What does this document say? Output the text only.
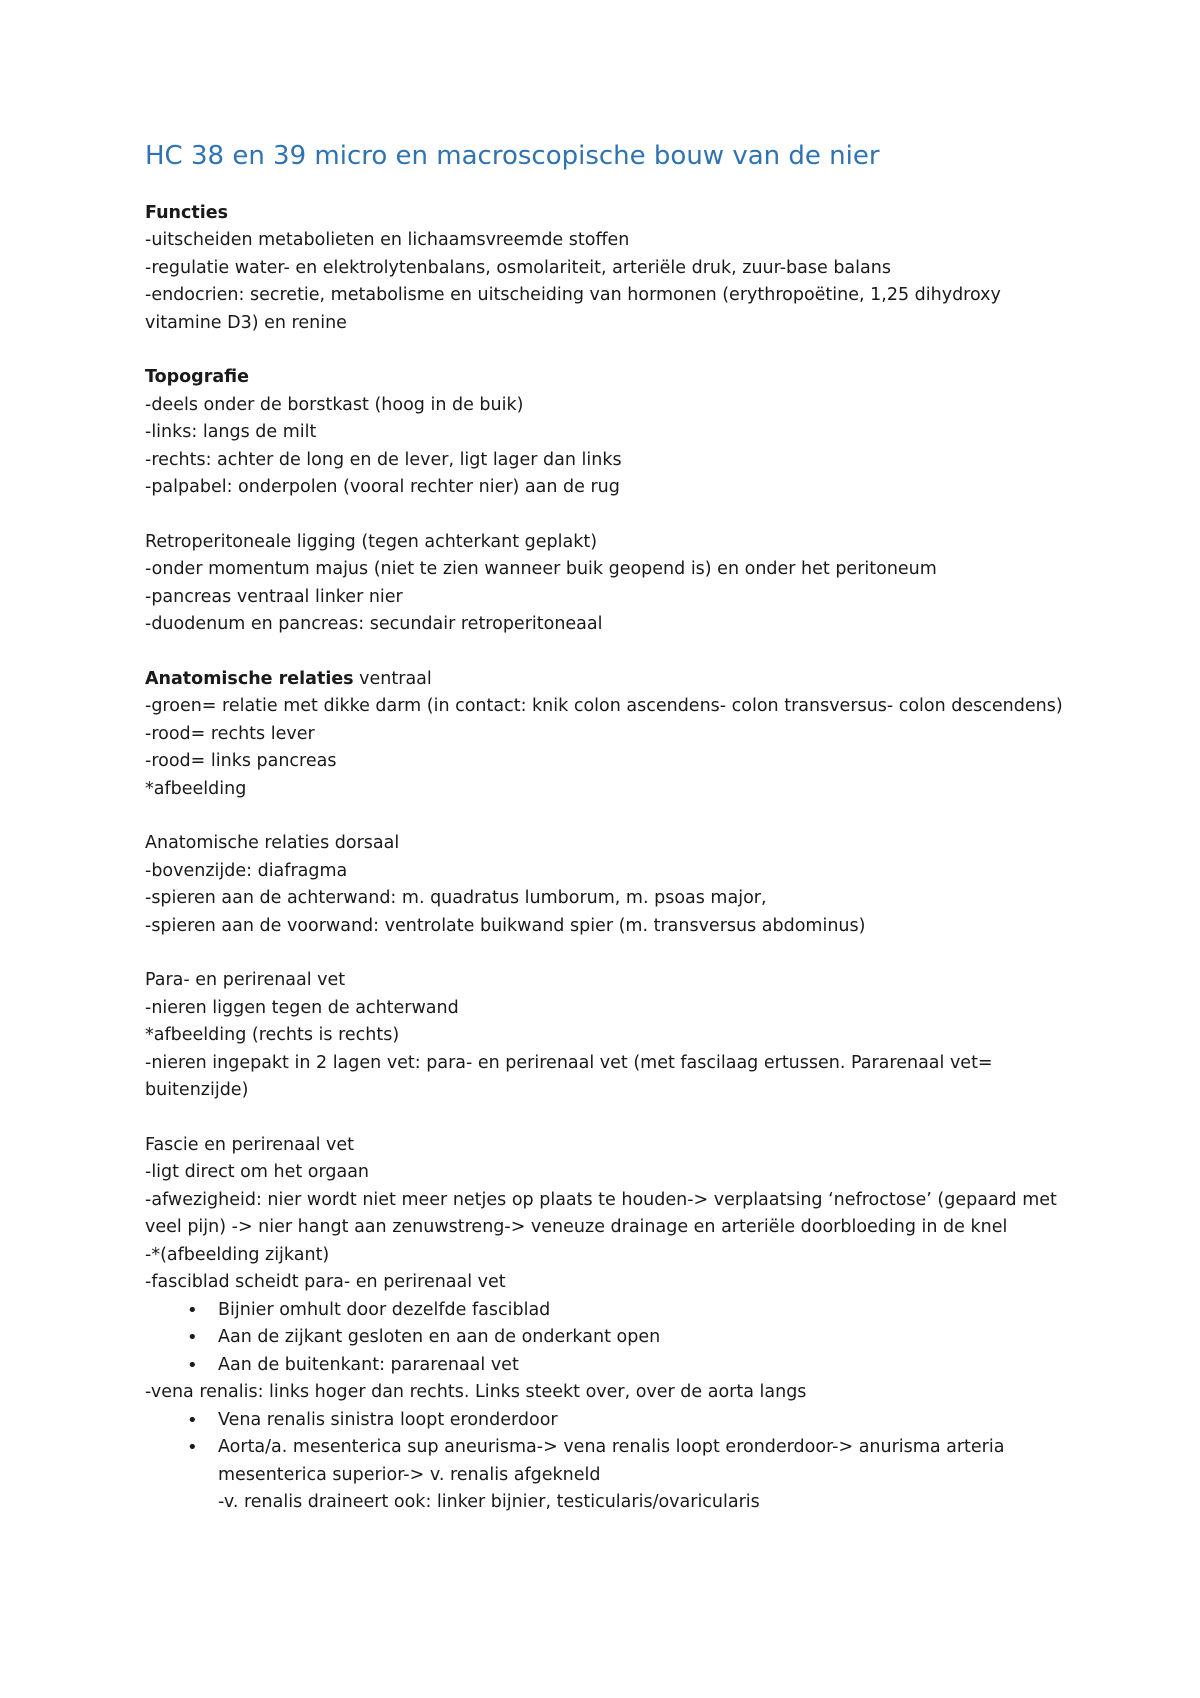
HC 38 en 39 micro en macroscopische bouw van de nier
Functies
-uitscheiden metabolieten en lichaamsvreemde stoffen
-regulatie water- en elektrolytenbalans, osmolariteit, arteriële druk, zuur-base balans
-endocrien: secretie, metabolisme en uitscheiding van hormonen (erythropoëtine, 1,25 dihydroxy vitamine D3) en renine
Topografie
-deels onder de borstkast (hoog in de buik)
-links: langs de milt
-rechts: achter de long en de lever, ligt lager dan links
-palpabel: onderpolen (vooral rechter nier) aan de rug
Retroperitoneale ligging (tegen achterkant geplakt)
-onder momentum majus (niet te zien wanneer buik geopend is) en onder het peritoneum
-pancreas ventraal linker nier
-duodenum en pancreas: secundair retroperitoneaal
Anatomische relaties ventraal
-groen= relatie met dikke darm (in contact: knik colon ascendens- colon transversus- colon descendens)
-rood= rechts lever
-rood= links pancreas
*afbeelding
Anatomische relaties dorsaal
-bovenzijde: diafragma
-spieren aan de achterwand: m. quadratus lumborum, m. psoas major,
-spieren aan de voorwand: ventrolate buikwand spier (m. transversus abdominus)
Para- en perirenaal vet
-nieren liggen tegen de achterwand
*afbeelding (rechts is rechts)
-nieren ingepakt in 2 lagen vet: para- en perirenaal vet (met fascilaag ertussen. Pararenaal vet= buitenzijde)
Fascie en perirenaal vet
-ligt direct om het orgaan
-afwezigheid: nier wordt niet meer netjes op plaats te houden-> verplaatsing ‘nefroctose’ (gepaard met veel pijn) -> nier hangt aan zenuwstreng-> veneuze drainage en arteriële doorbloeding in de knel
-*(afbeelding zijkant)
-fasciblad scheidt para- en perirenaal vet
• Bijnier omhult door dezelfde fasciblad
• Aan de zijkant gesloten en aan de onderkant open
• Aan de buitenkant: pararenaal vet
-vena renalis: links hoger dan rechts. Links steekt over, over de aorta langs
• Vena renalis sinistra loopt eronderdoor
• Aorta/a. mesenterica sup aneurisma-> vena renalis loopt eronderdoor-> anurisma arteria mesenterica superior-> v. renalis afgekneld
-v. renalis draineert ook: linker bijnier, testicularis/ovaricularis
